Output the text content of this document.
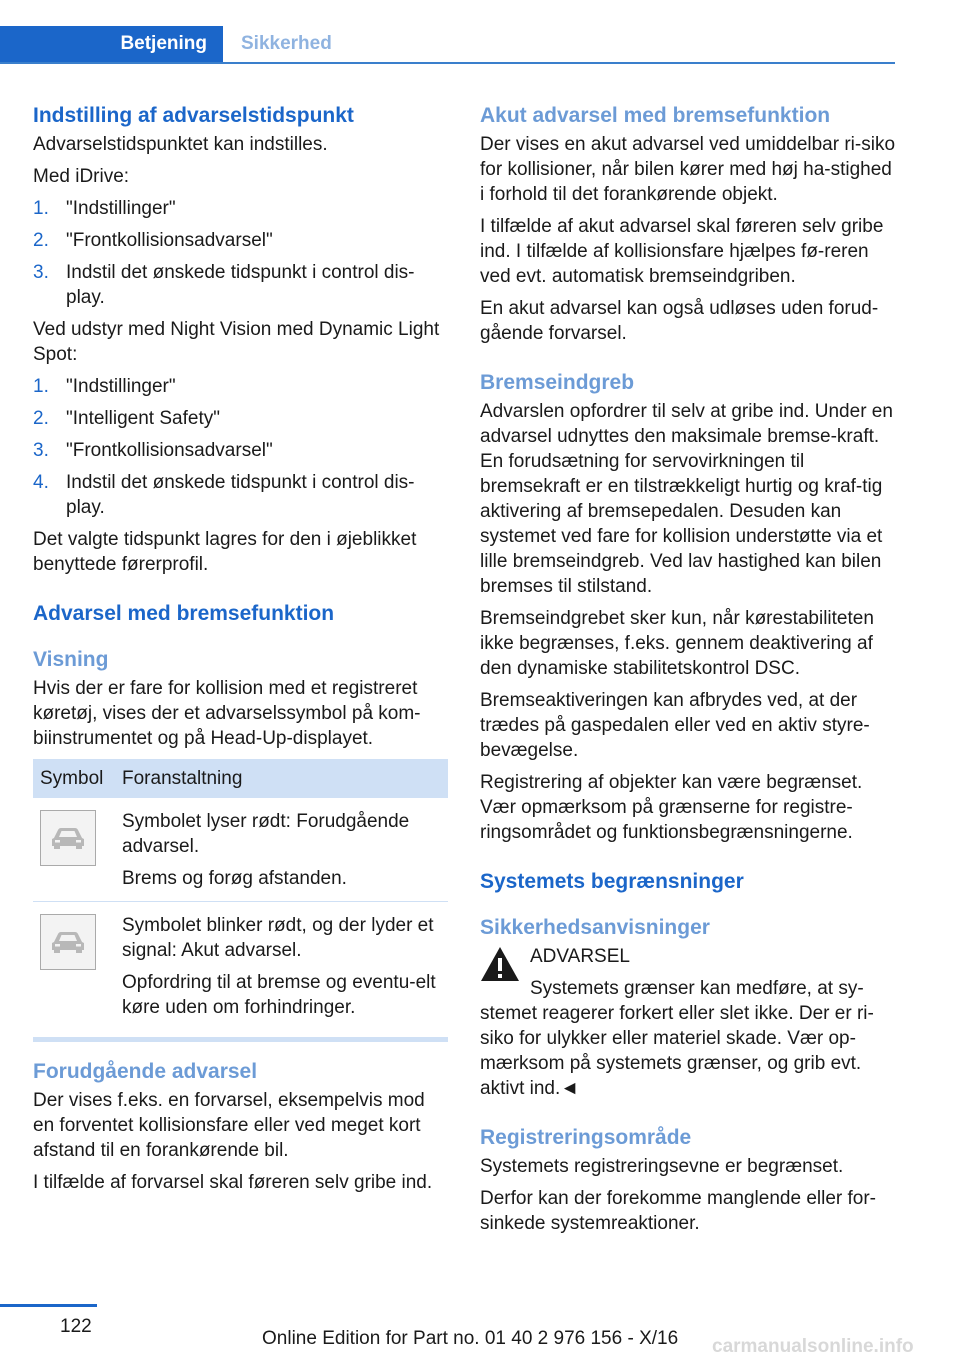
Betjening	Sikkerhed
Indstilling af advarselstidspunkt
Advarselstidspunktet kan indstilles.
Med iDrive:
1. "Indstillinger"
2. "Frontkollisionsadvarsel"
3. Indstil det ønskede tidspunkt i control dis‐play.
Ved udstyr med Night Vision med Dynamic Light Spot:
1. "Indstillinger"
2. "Intelligent Safety"
3. "Frontkollisionsadvarsel"
4. Indstil det ønskede tidspunkt i control dis‐play.
Det valgte tidspunkt lagres for den i øjeblikket benyttede førerprofil.
Advarsel med bremsefunktion
Visning
Hvis der er fare for kollision med et registreret køretøj, vises der et advarselssymbol på kom‐biinstrumentet og på Head-Up-displayet.
Symbol	Foranstaltning

Symbolet lyser rødt: Forudgående advarsel.
Brems og forøg afstanden.

Symbolet blinker rødt, og der lyder et signal: Akut advarsel.
Opfordring til at bremse og eventu‐elt køre uden om forhindringer.
Forudgående advarsel
Der vises f.eks. en forvarsel, eksempelvis mod en forventet kollisionsfare eller ved meget kort afstand til en forankørende bil.
I tilfælde af forvarsel skal føreren selv gribe ind.
Akut advarsel med bremsefunktion
Der vises en akut advarsel ved umiddelbar ri‐siko for kollisioner, når bilen kører med høj ha‐stighed i forhold til det forankørende objekt.
I tilfælde af akut advarsel skal føreren selv gribe ind. I tilfælde af kollisionsfare hjælpes fø‐reren ved evt. automatisk bremseindgriben.
En akut advarsel kan også udløses uden forud‐gående forvarsel.
Bremseindgreb
Advarslen opfordrer til selv at gribe ind. Under en advarsel udnyttes den maksimale bremse‐kraft. En forudsætning for servovirkningen til bremsekraft er en tilstrækkeligt hurtig og kraf‐tig aktivering af bremsepedalen. Desuden kan systemet ved fare for kollision understøtte via et lille bremseindgreb. Ved lav hastighed kan bilen bremses til stilstand.
Bremseindgrebet sker kun, når kørestabiliteten ikke begrænses, f.eks. gennem deaktivering af den dynamiske stabilitetskontrol DSC.
Bremseaktiveringen kan afbrydes ved, at der trædes på gaspedalen eller ved en aktiv styre‐bevægelse.
Registrering af objekter kan være begrænset. Vær opmærksom på grænserne for registre‐ringsområdet og funktionsbegrænsningerne.
Systemets begrænsninger
Sikkerhedsanvisninger
ADVARSEL
Systemets grænser kan medføre, at sy‐stemet reagerer forkert eller slet ikke. Der er ri‐siko for ulykker eller materiel skade. Vær op‐mærksom på systemets grænser, og grib evt. aktivt ind.◄
Registreringsområde
Systemets registreringsevne er begrænset.
Derfor kan der forekomme manglende eller for‐sinkede systemreaktioner.
122
Online Edition for Part no. 01 40 2 976 156 - X/16 carmanualsonline.info
